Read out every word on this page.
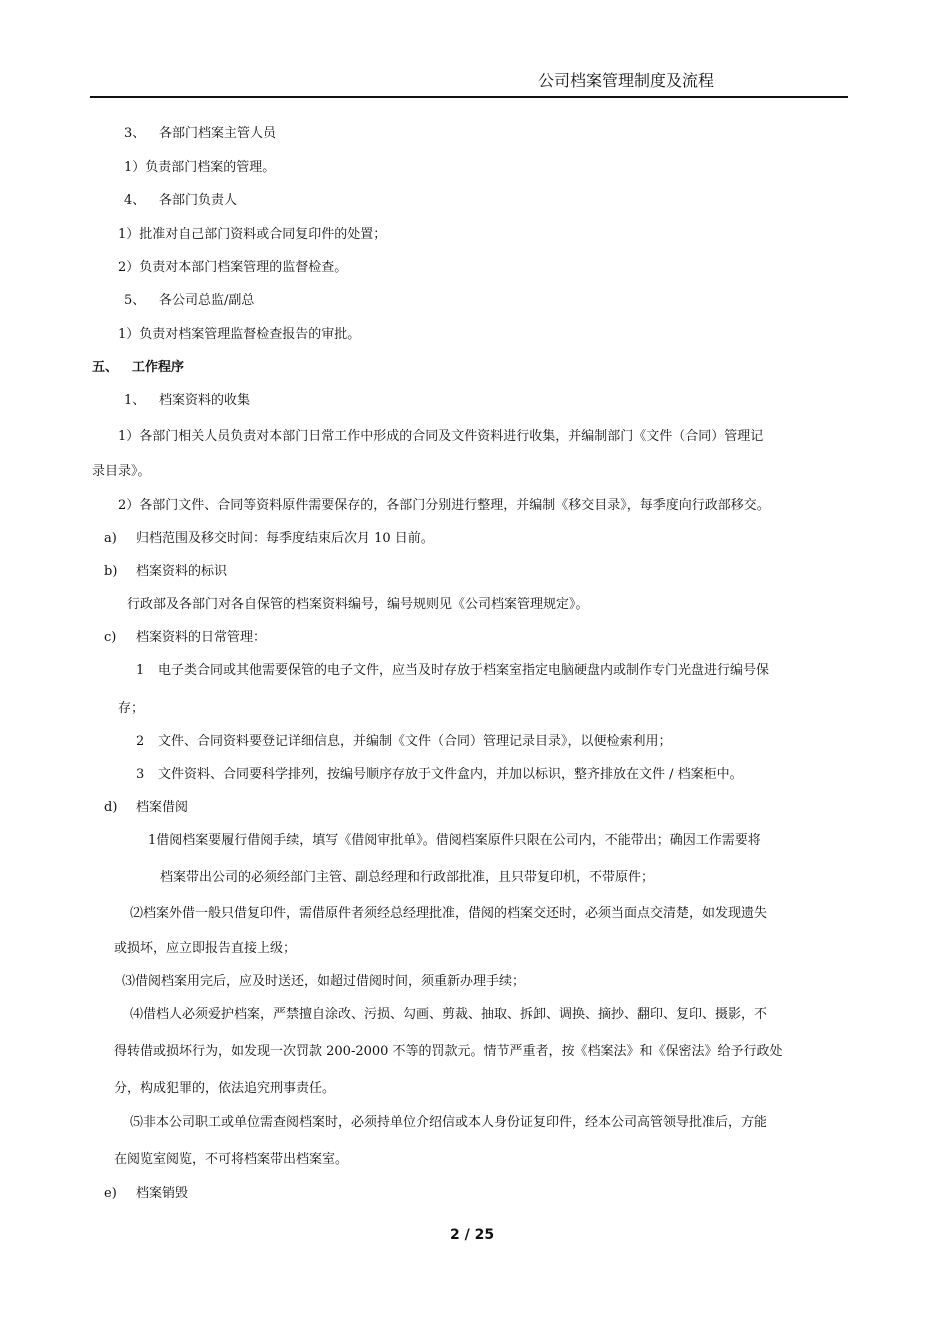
公司档案管理制度及流程
3、 各部门档案主管人员
1）负责部门档案的管理。
4、 各部门负责人
1）批准对自己部门资料或合同复印件的处置；
2）负责对本部门档案管理的监督检查。
5、 各公司总监/副总
1）负责对档案管理监督检查报告的审批。
五、 工作程序
1、 档案资料的收集
1）各部门相关人员负责对本部门日常工作中形成的合同及文件资料进行收集，并编制部门《文件（合同）管理记
录目录》。
2）各部门文件、合同等资料原件需要保存的，各部门分别进行整理，并编制《移交目录》，每季度向行政部移交。
a) 归档范围及移交时间：每季度结束后次月 10 日前。
b) 档案资料的标识
行政部及各部门对各自保管的档案资料编号，编号规则见《公司档案管理规定》。
c) 档案资料的日常管理：
1 电子类合同或其他需要保管的电子文件，应当及时存放于档案室指定电脑硬盘内或制作专门光盘进行编号保
存；
2 文件、合同资料要登记详细信息，并编制《文件（合同）管理记录目录》，以便检索利用；
3 文件资料、合同要科学排列，按编号顺序存放于文件盒内，并加以标识，整齐排放在文件 / 档案柜中。
d) 档案借阅
1借阅档案要履行借阅手续，填写《借阅审批单》。借阅档案原件只限在公司内，不能带出；确因工作需要将
档案带出公司的必须经部门主管、副总经理和行政部批准，且只带复印机，不带原件；
⑵档案外借一般只借复印件，需借原件者须经总经理批准，借阅的档案交还时，必须当面点交清楚，如发现遗失
或损坏，应立即报告直接上级；
⑶借阅档案用完后，应及时送还，如超过借阅时间，须重新办理手续；
⑷借档人必须爱护档案，严禁擅自涂改、污损、勾画、剪裁、抽取、拆卸、调换、摘抄、翻印、复印、摄影，不
得转借或损坏行为，如发现一次罚款 200-2000 不等的罚款元。情节严重者，按《档案法》和《保密法》给予行政处
分，构成犯罪的，依法追究刑事责任。
⑸非本公司职工或单位需查阅档案时，必须持单位介绍信或本人身份证复印件，经本公司高管领导批准后，方能
在阅览室阅览，不可将档案带出档案室。
e) 档案销毁
2 / 25
